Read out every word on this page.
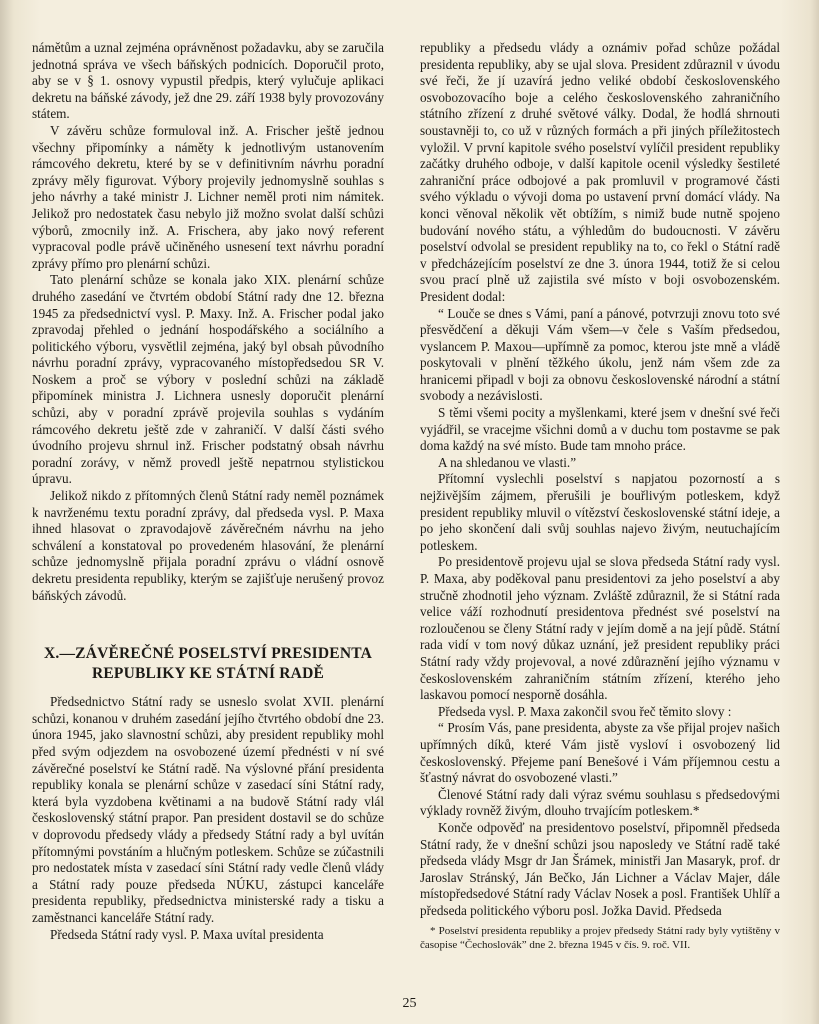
námětům a uznal zejména oprávněnost požadavku, aby se zaručila jednotná správa ve všech báňských podnicích. Doporučil proto, aby se v § 1. osnovy vypustil předpis, který vylučuje aplikaci dekretu na báňské závody, jež dne 29. září 1938 byly provozovány státem.

V závěru schůze formuloval inž. A. Frischer ještě jednou všechny připomínky a náměty k jednotlivým ustanovením rámcového dekretu, které by se v definitivním návrhu poradní zprávy měly figurovat. Výbory projevily jednomyslně souhlas s jeho návrhy a také ministr J. Lichner neměl proti nim námitek. Jelikož pro nedostatek času nebylo již možno svolat další schůzi výborů, zmocnily inž. A. Frischera, aby jako nový referent vypracoval podle právě učiněného usnesení text návrhu poradní zprávy přímo pro plenární schůzi.

Tato plenární schůze se konala jako XIX. plenární schůze druhého zasedání ve čtvrtém období Státní rady dne 12. března 1945 za předsednictví vysl. P. Maxy. Inž. A. Frischer podal jako zpravodaj přehled o jednání hospodářského a sociálního a politického výboru, vysvětlil zejména, jaký byl obsah původního návrhu poradní zprávy, vypracovaného místopředsedou SR V. Noskem a proč se výbory v poslední schůzi na základě připomínek ministra J. Lichnera usnesly doporučit plenární schůzi, aby v poradní zprávě projevila souhlas s vydáním rámcového dekretu ještě zde v zahraničí. V další části svého úvodního projevu shrnul inž. Frischer podstatný obsah návrhu poradní zorávy, v němž provedl ještě nepatrnou stylistickou úpravu.

Jelikož nikdo z přítomných členů Státní rady neměl poznámek k navrženému textu poradní zprávy, dal předseda vysl. P. Maxa ihned hlasovat o zpravodajově závěrečném návrhu na jeho schválení a konstatoval po provedeném hlasování, že plenární schůze jednomyslně přijala poradní zprávu o vládní osnově dekretu presidenta republiky, kterým se zajišťuje nerušený provoz báňských závodů.

X.—ZÁVĚREČNÉ POSELSTVÍ PRESIDENTA
REPUBLIKY KE STÁTNÍ RADĚ

Předsednictvo Státní rady se usneslo svolat XVII. plenární schůzi, konanou v druhém zasedání jejího čtvrtého období dne 23. února 1945, jako slavnostní schůzi, aby president republiky mohl před svým odjezdem na osvobozené území přednésti v ní své závěrečné poselství ke Státní radě. Na výslovné přání presidenta republiky konala se plenární schůze v zasedací síni Státní rady, která byla vyzdobena květinami a na budově Státní rady vlál československý státní prapor. Pan president dostavil se do schůze v doprovodu předsedy vlády a předsedy Státní rady a byl uvítán přítomnými povstáním a hlučným potleskem. Schůze se zúčastnili pro nedostatek místa v zasedací síni Státní rady vedle členů vlády a Státní rady pouze předseda NÚKU, zástupci kanceláře presidenta republiky, předsednictva ministerské rady a tisku a zaměstnanci kanceláře Státní rady.

Předseda Státní rady vysl. P. Maxa uvítal presidenta

republiky a předsedu vlády a oznámiv pořad schůze požádal presidenta republiky, aby se ujal slova. President zdůraznil v úvodu své řeči, že jí uzavírá jedno veliké období československého osvobozovacího boje a celého československého zahraničního státního zřízení z druhé světové války. Dodal, že hodlá shrnouti soustavněji to, co už v různých formách a při jiných příležitostech vyložil. V první kapitole svého poselství vylíčil president republiky začátky druhého odboje, v další kapitole ocenil výsledky šestileté zahraniční práce odbojové a pak promluvil v programové části svého výkladu o vývoji doma po ustavení první domácí vlády. Na konci věnoval několik vět obtížím, s nimiž bude nutně spojeno budování nového státu, a výhledům do budoucnosti. V závěru poselství odvolal se president republiky na to, co řekl o Státní radě v předcházejícím poselství ze dne 3. února 1944, totiž že si celou svou prací plně už zajistila své místo v boji osvobozenském. President dodal:

“ Louče se dnes s Vámi, paní a pánové, potvrzuji znovu toto své přesvědčení a děkuji Vám všem—v čele s Vaším předsedou, vyslancem P. Maxou—upřímně za pomoc, kterou jste mně a vládě poskytovali v plnění těžkého úkolu, jenž nám všem zde za hranicemi připadl v boji za obnovu československé národní a státní svobody a nezávislosti.

S těmi všemi pocity a myšlenkami, které jsem v dnešní své řeči vyjádřil, se vracejme všichni domů a v duchu tom postavme se pak doma každý na své místo. Bude tam mnoho práce.

A na shledanou ve vlasti.”

Přítomní vyslechli poselství s napjatou pozorností a s nejživějším zájmem, přerušili je bouřlivým potleskem, když president republiky mluvil o vítězství československé státní ideje, a po jeho skončení dali svůj souhlas najevo živým, neutuchajícím potleskem.

Po presidentově projevu ujal se slova předseda Státní rady vysl. P. Maxa, aby poděkoval panu presidentovi za jeho poselství a aby stručně zhodnotil jeho význam. Zvláště zdůraznil, že si Státní rada velice váží rozhodnutí presidentova přednést své poselství na rozloučenou se členy Státní rady v jejím domě a na její půdě. Státní rada vidí v tom nový důkaz uznání, jež president republiky práci Státní rady vždy projevoval, a nové zdůraznění jejího významu v československém zahraničním státním zřízení, kterého jeho laskavou pomocí nesporně dosáhla.

Předseda vysl. P. Maxa zakončil svou řeč těmito slovy :

“ Prosím Vás, pane presidenta, abyste za vše přijal projev našich upřímných díků, které Vám jistě vysloví i osvobozený lid československý. Přejeme paní Benešové i Vám příjemnou cestu a šťastný návrat do osvobozené vlasti.”

Členové Státní rady dali výraz svému souhlasu s předsedovými výklady rovněž živým, dlouho trvajícím potleskem.*

Konče odpověď na presidentovo poselství, připomněl předseda Státní rady, že v dnešní schůzi jsou naposledy ve Státní radě také předseda vlády Msgr dr Jan Šrámek, ministři Jan Masaryk, prof. dr Jaroslav Stránský, Ján Bečko, Ján Lichner a Václav Majer, dále místopředsedové Státní rady Václav Nosek a posl. František Uhlíř a předseda politického výboru posl. Jožka David. Předseda

* Poselství presidenta republiky a projev předsedy Státní rady byly vytištěny v časopise “Čechoslovák” dne 2. března 1945 v čís. 9. roč. VII.

25
